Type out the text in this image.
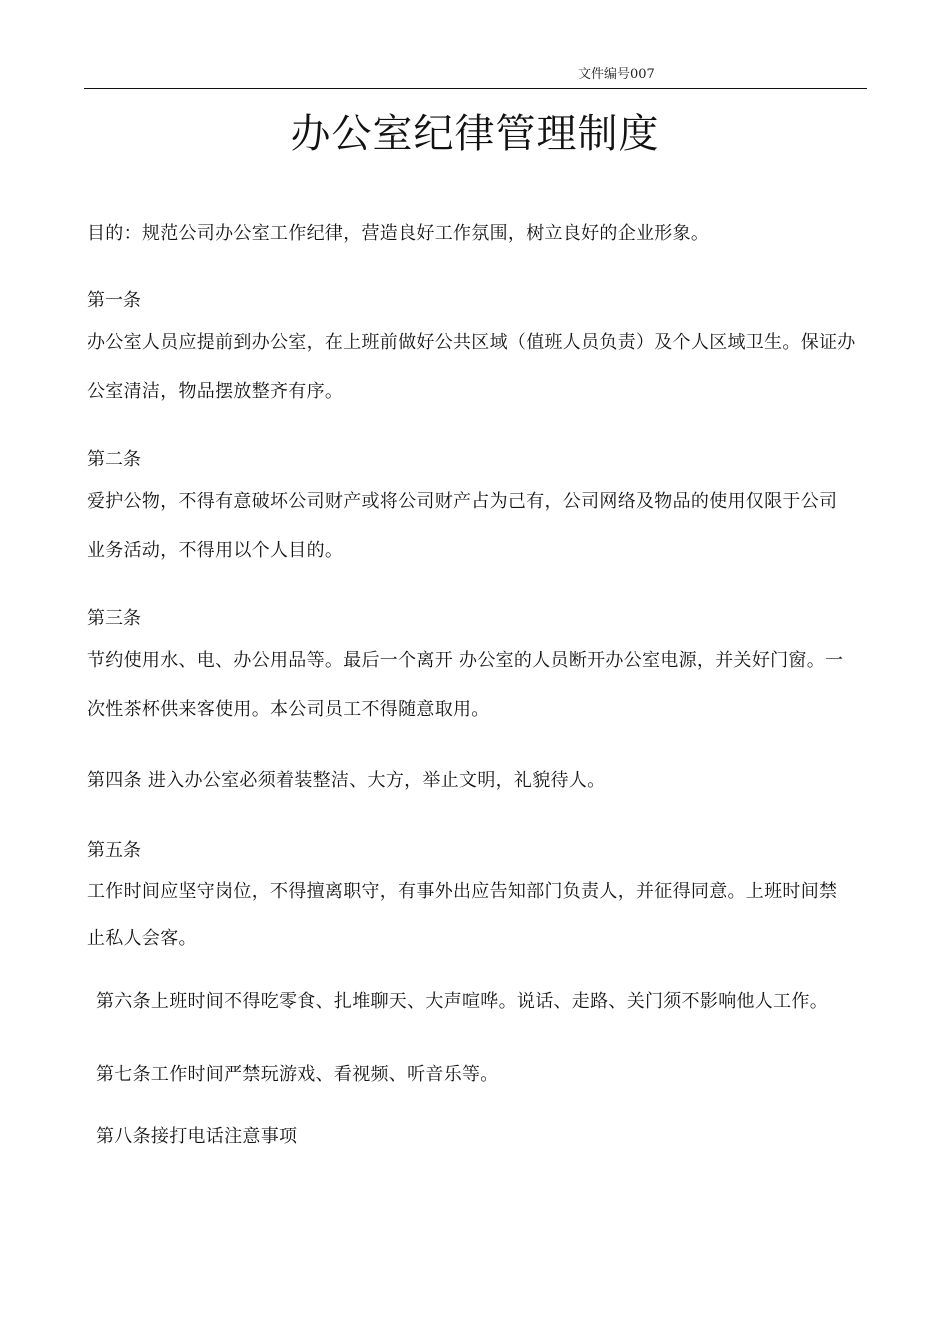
文件编号007
办公室纪律管理制度
目的：规范公司办公室工作纪律，营造良好工作氛围，树立良好的企业形象。
第一条
办公室人员应提前到办公室，在上班前做好公共区域（值班人员负责）及个人区域卫生。保证办
公室清洁，物品摆放整齐有序。
第二条
爱护公物，不得有意破坏公司财产或将公司财产占为己有，公司网络及物品的使用仅限于公司
业务活动，不得用以个人目的。
第三条
节约使用水、电、办公用品等。最后一个离开 办公室的人员断开办公室电源，并关好门窗。一
次性茶杯供来客使用。本公司员工不得随意取用。
第四条 进入办公室必须着装整洁、大方，举止文明，礼貌待人。
第五条
工作时间应坚守岗位，不得擅离职守，有事外出应告知部门负责人，并征得同意。上班时间禁
止私人会客。
第六条上班时间不得吃零食、扎堆聊天、大声喧哗。说话、走路、关门须不影响他人工作。
第七条工作时间严禁玩游戏、看视频、听音乐等。
第八条接打电话注意事项
